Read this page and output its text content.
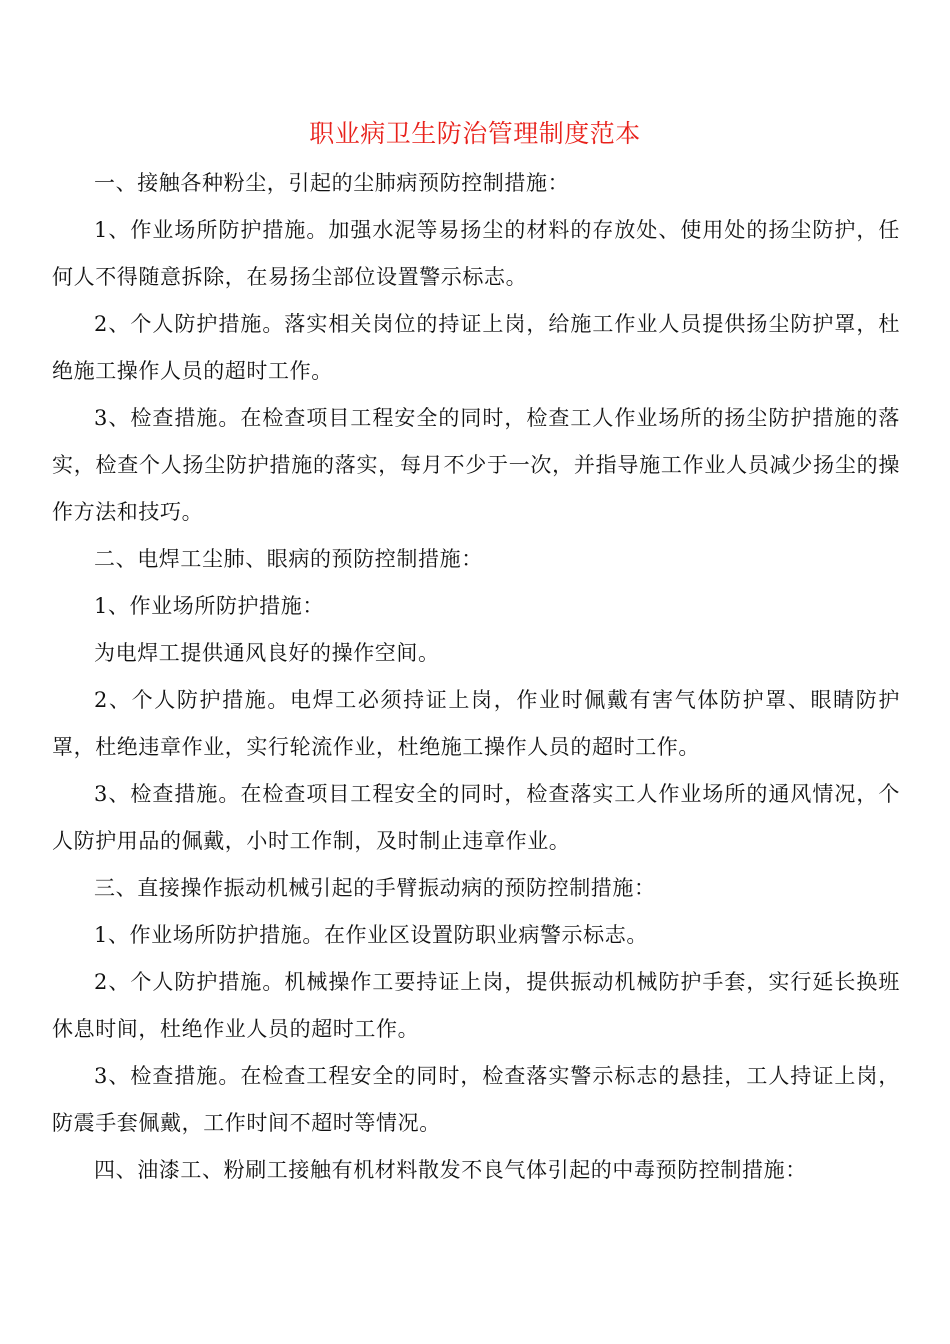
职业病卫生防治管理制度范本

一、接触各种粉尘，引起的尘肺病预防控制措施：

1、作业场所防护措施。加强水泥等易扬尘的材料的存放处、使用处的扬尘防护，任何人不得随意拆除，在易扬尘部位设置警示标志。

2、个人防护措施。落实相关岗位的持证上岗，给施工作业人员提供扬尘防护罩，杜绝施工操作人员的超时工作。

3、检查措施。在检查项目工程安全的同时，检查工人作业场所的扬尘防护措施的落实，检查个人扬尘防护措施的落实，每月不少于一次，并指导施工作业人员减少扬尘的操作方法和技巧。

二、电焊工尘肺、眼病的预防控制措施：

1、作业场所防护措施：

为电焊工提供通风良好的操作空间。

2、个人防护措施。电焊工必须持证上岗，作业时佩戴有害气体防护罩、眼睛防护罩，杜绝违章作业，实行轮流作业，杜绝施工操作人员的超时工作。

3、检查措施。在检查项目工程安全的同时，检查落实工人作业场所的通风情况，个人防护用品的佩戴，小时工作制，及时制止违章作业。

三、直接操作振动机械引起的手臂振动病的预防控制措施：

1、作业场所防护措施。在作业区设置防职业病警示标志。

2、个人防护措施。机械操作工要持证上岗，提供振动机械防护手套，实行延长换班休息时间，杜绝作业人员的超时工作。

3、检查措施。在检查工程安全的同时，检查落实警示标志的悬挂，工人持证上岗，防震手套佩戴，工作时间不超时等情况。

四、油漆工、粉刷工接触有机材料散发不良气体引起的中毒预防控制措施：
